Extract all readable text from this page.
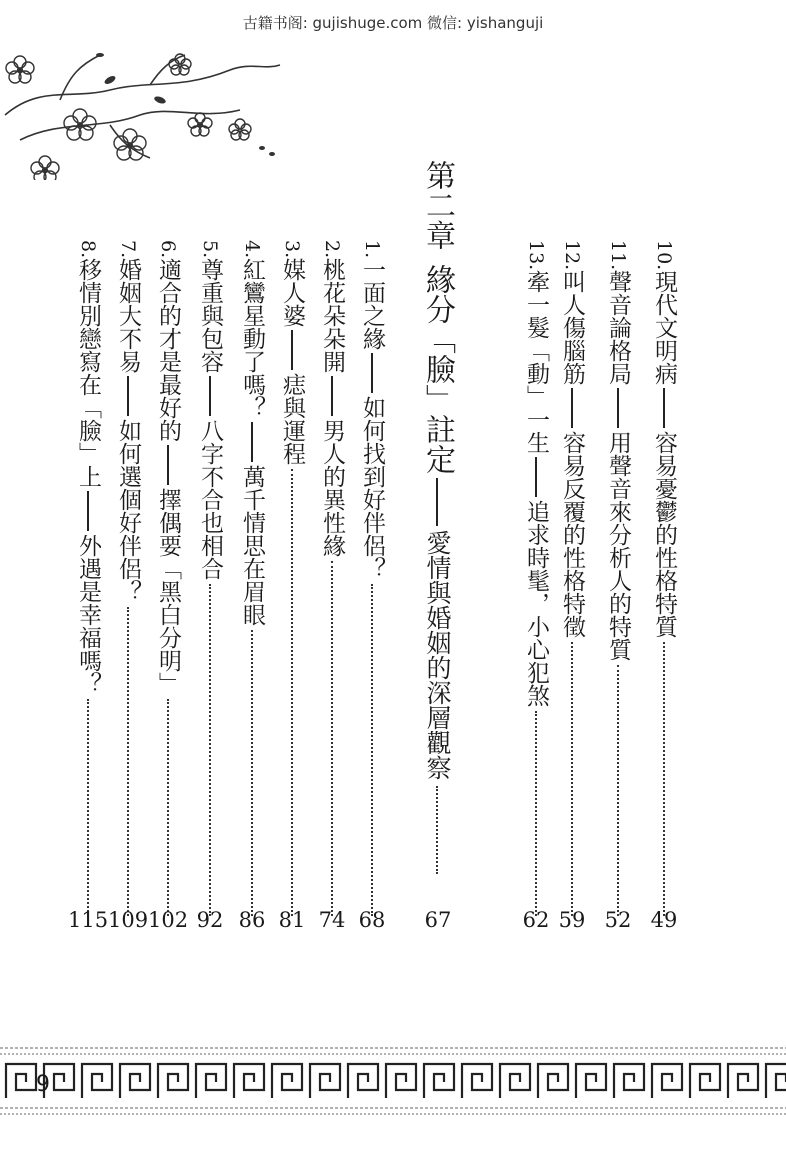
古籍书阁: gujishuge.com 微信: yishanguji
第二章
緣分「臉」註定
愛情與婚姻的深層觀察
67
10.
現代文明病
容易憂鬱的性格特質
49
11.
聲音論格局
用聲音來分析人的特質
52
12.
叫人傷腦筋
容易反覆的性格特徵
59
13.
牽一髮「動」一生
追求時髦，小心犯煞
62
1.
一面之緣
如何找到好伴侶？
68
2.
桃花朵朵開
男人的異性緣
74
3.
媒人婆
痣與運程
81
4.
紅鸞星動了嗎？
萬千情思在眉眼
86
5.
尊重與包容
八字不合也相合
92
6.
適合的才是最好的
擇偶要「黑白分明」
102
7.
婚姻大不易
如何選個好伴侶？
109
8.
移情別戀寫在「臉」上
外遇是幸福嗎？
115
9
